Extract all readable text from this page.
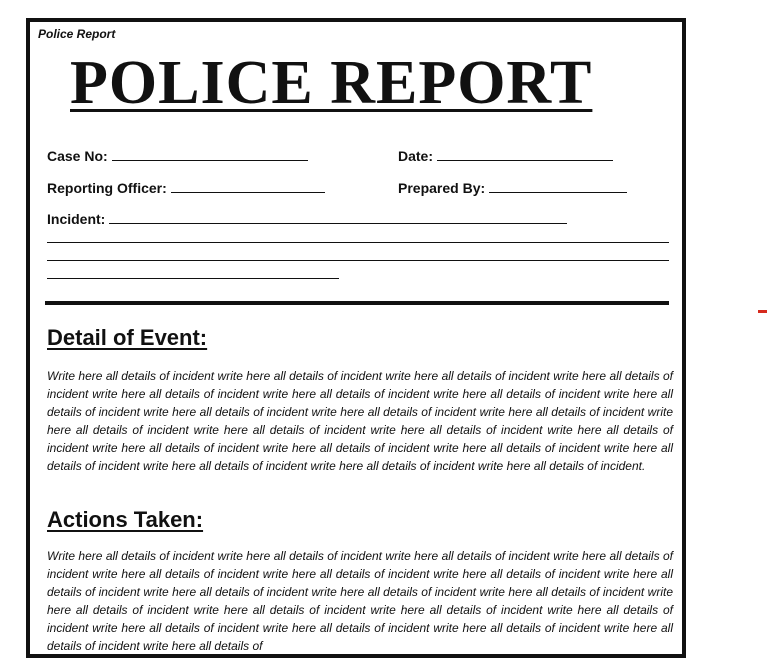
Police Report
POLICE REPORT
Case No:	Date:
Reporting Officer:	Prepared By:
Incident:
Detail of Event:
Write here all details of incident write here all details of incident write here all details of incident write here all details of incident write here all details of incident write here all details of incident write here all details of incident write here all details of incident write here all details of incident write here all details of incident write here all details of incident write here all details of incident write here all details of incident write here all details of incident write here all details of incident write here all details of incident write here all details of incident write here all details of incident write here all details of incident write here all details of incident write here all details of incident write here all details of incident.
Actions Taken:
Write here all details of incident write here all details of incident write here all details of incident write here all details of incident write here all details of incident write here all details of incident write here all details of incident write here all details of incident write here all details of incident write here all details of incident write here all details of incident write here all details of incident write here all details of incident write here all details of incident write here all details of incident write here all details of incident write here all details of incident write here all details of incident write here all details of incident write here all details of
